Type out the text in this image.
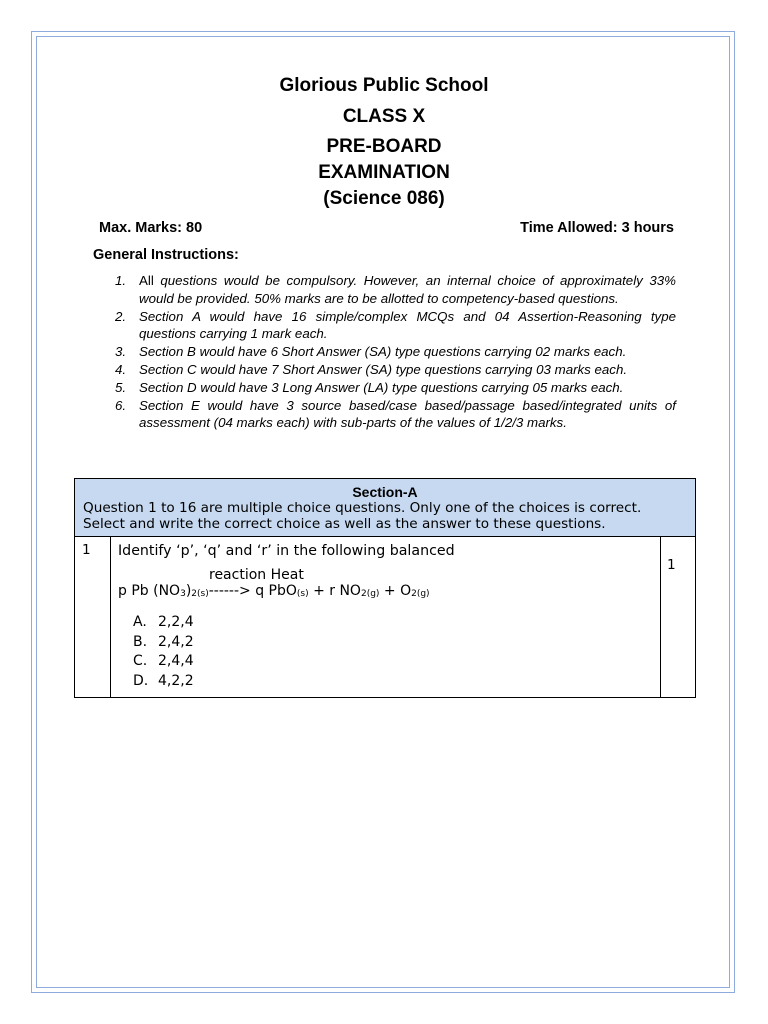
Glorious Public School
CLASS X
PRE-BOARD
EXAMINATION
(Science 086)
Max. Marks: 80	Time Allowed: 3 hours
General Instructions:
1. All questions would be compulsory. However, an internal choice of approximately 33% would be provided. 50% marks are to be allotted to competency-based questions.
2. Section A would have 16 simple/complex MCQs and 04 Assertion-Reasoning type questions carrying 1 mark each.
3. Section B would have 6 Short Answer (SA) type questions carrying 02 marks each.
4. Section C would have 7 Short Answer (SA) type questions carrying 03 marks each.
5. Section D would have 3 Long Answer (LA) type questions carrying 05 marks each.
6. Section E would have 3 source based/case based/passage based/integrated units of assessment (04 marks each) with sub-parts of the values of 1/2/3 marks.
Section-A
Question 1 to 16 are multiple choice questions. Only one of the choices is correct. Select and write the correct choice as well as the answer to these questions.

1	Identify ‘p’, ‘q’ and ‘r’ in the following balanced
reaction Heat
p Pb (NO3)2(s)------> q PbO(s) + r NO2(g) + O2(g)
A. 2,2,4
B. 2,4,2
C. 2,4,4
D. 4,2,2
	1
